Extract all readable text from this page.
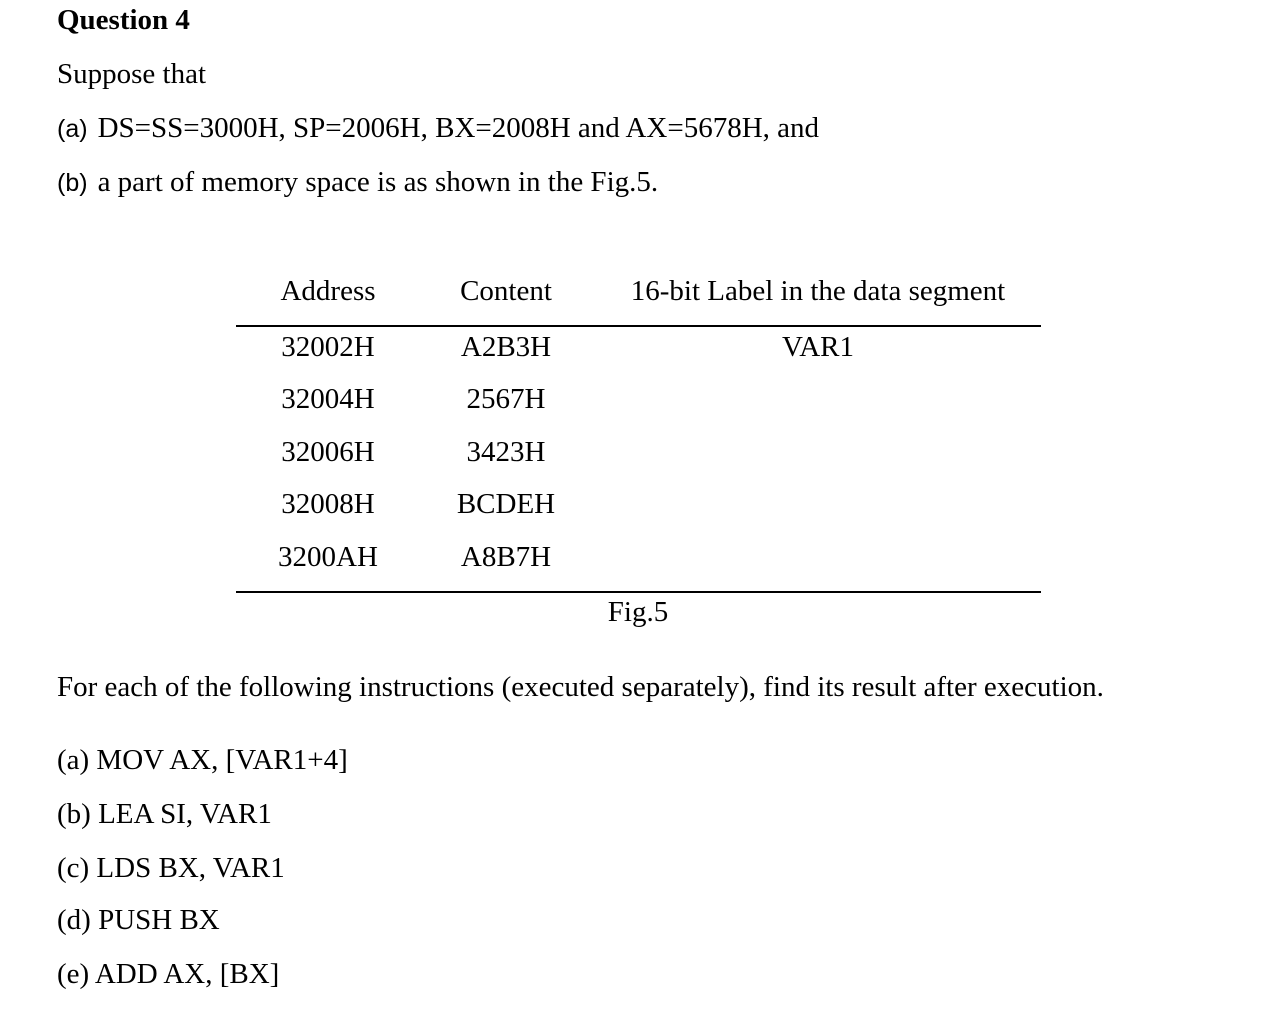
Question 4
Suppose that
(a) DS=SS=3000H, SP=2006H, BX=2008H and AX=5678H, and
(b) a part of memory space is as shown in the Fig.5.
Address	Content	16-bit Label in the data segment
32002H	A2B3H	VAR1
32004H	2567H
32006H	3423H
32008H	BCDEH
3200AH	A8B7H
Fig.5
For each of the following instructions (executed separately), find its result after execution.
(a) MOV AX, [VAR1+4]
(b) LEA SI, VAR1
(c) LDS BX, VAR1
(d) PUSH BX
(e) ADD AX, [BX]
